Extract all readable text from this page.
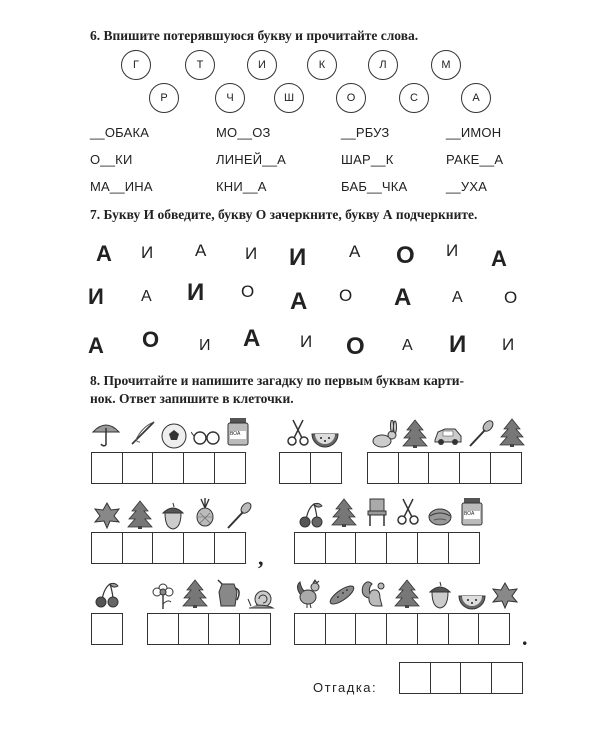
6. Впишите потерявшуюся букву и прочитайте слова.
Г	Т	И	К	Л	М
Р	Ч	Ш	О	С	А
__ОБАКА	МО__ОЗ	__РБУЗ	__ИМОН
О__КИ	ЛИНЕЙ__А	ШАР__К	РАКЕ__А
МА__ИНА	КНИ__А	БАБ__ЧКА	__УХА
7. Букву И обведите, букву О зачеркните, букву А подчеркните.
А И А И И	А О И А
И А И О А О А	А О
А О И А И О А И И
8. Прочитайте и напишите загадку по первым буквам карти-
нок. Ответ запишите в клеточки.
ВОА
ВОА
,
.
Отгадка:
